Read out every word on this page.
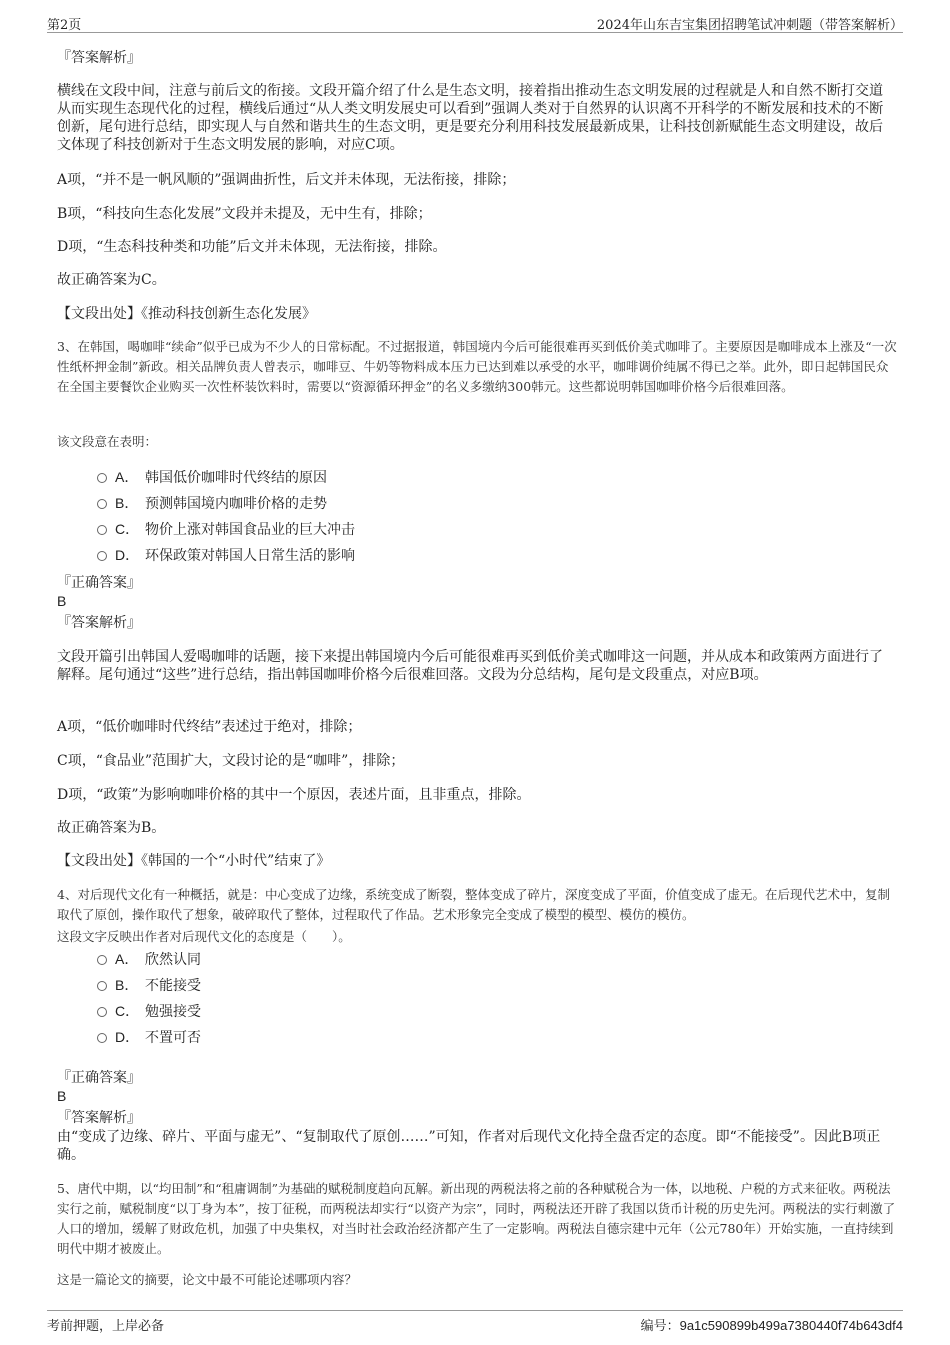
第2页	2024年山东吉宝集团招聘笔试冲刺题（带答案解析）
『答案解析』
横线在文段中间，注意与前后文的衔接。文段开篇介绍了什么是生态文明，接着指出推动生态文明发展的过程就是人和自然不断打交道从而实现生态现代化的过程，横线后通过“从人类文明发展史可以看到”强调人类对于自然界的认识离不开科学的不断发展和技术的不断创新，尾句进行总结，即实现人与自然和谐共生的生态文明，更是要充分利用科技发展最新成果，让科技创新赋能生态文明建设，故后文体现了科技创新对于生态文明发展的影响，对应C项。
A项，“并不是一帆风顺的”强调曲折性，后文并未体现，无法衔接，排除；
B项，“科技向生态化发展”文段并未提及，无中生有，排除；
D项，“生态科技种类和功能”后文并未体现，无法衔接，排除。
故正确答案为C。
【文段出处】《推动科技创新生态化发展》
3、在韩国，喝咖啡“续命”似乎已成为不少人的日常标配。不过据报道，韩国境内今后可能很难再买到低价美式咖啡了。主要原因是咖啡成本上涨及“一次性纸杯押金制”新政。相关品牌负责人曾表示，咖啡豆、牛奶等物料成本压力已达到难以承受的水平，咖啡调价纯属不得已之举。此外，即日起韩国民众在全国主要餐饮企业购买一次性杯装饮料时，需要以“资源循环押金”的名义多缴纳300韩元。这些都说明韩国咖啡价格今后很难回落。
该文段意在表明：
A． 韩国低价咖啡时代终结的原因
B． 预测韩国境内咖啡价格的走势
C． 物价上涨对韩国食品业的巨大冲击
D． 环保政策对韩国人日常生活的影响
『正确答案』
B
『答案解析』
文段开篇引出韩国人爱喝咖啡的话题，接下来提出韩国境内今后可能很难再买到低价美式咖啡这一问题，并从成本和政策两方面进行了解释。尾句通过“这些”进行总结，指出韩国咖啡价格今后很难回落。文段为分总结构，尾句是文段重点，对应B项。
A项，“低价咖啡时代终结”表述过于绝对，排除；
C项，“食品业”范围扩大，文段讨论的是“咖啡”，排除；
D项，“政策”为影响咖啡价格的其中一个原因，表述片面，且非重点，排除。
故正确答案为B。
【文段出处】《韩国的一个“小时代”结束了》
4、对后现代文化有一种概括，就是：中心变成了边缘，系统变成了断裂，整体变成了碎片，深度变成了平面，价值变成了虚无。在后现代艺术中，复制取代了原创，操作取代了想象，破碎取代了整体，过程取代了作品。艺术形象完全变成了模型的模型、模仿的模仿。
这段文字反映出作者对后现代文化的态度是（　　）。
A． 欣然认同
B． 不能接受
C． 勉强接受
D． 不置可否
『正确答案』
B
『答案解析』
由“变成了边缘、碎片、平面与虚无”、“复制取代了原创……”可知，作者对后现代文化持全盘否定的态度。即“不能接受”。因此B项正确。
5、唐代中期，以“均田制”和“租庸调制”为基础的赋税制度趋向瓦解。新出现的两税法将之前的各种赋税合为一体，以地税、户税的方式来征收。两税法实行之前，赋税制度“以丁身为本”，按丁征税，而两税法却实行“以资产为宗”，同时，两税法还开辟了我国以货币计税的历史先河。两税法的实行刺激了人口的增加，缓解了财政危机，加强了中央集权，对当时社会政治经济都产生了一定影响。两税法自德宗建中元年（公元780年）开始实施，一直持续到明代中期才被废止。
这是一篇论文的摘要，论文中最不可能论述哪项内容？
考前押题，上岸必备	编号：9a1c590899b499a7380440f74b643df4
